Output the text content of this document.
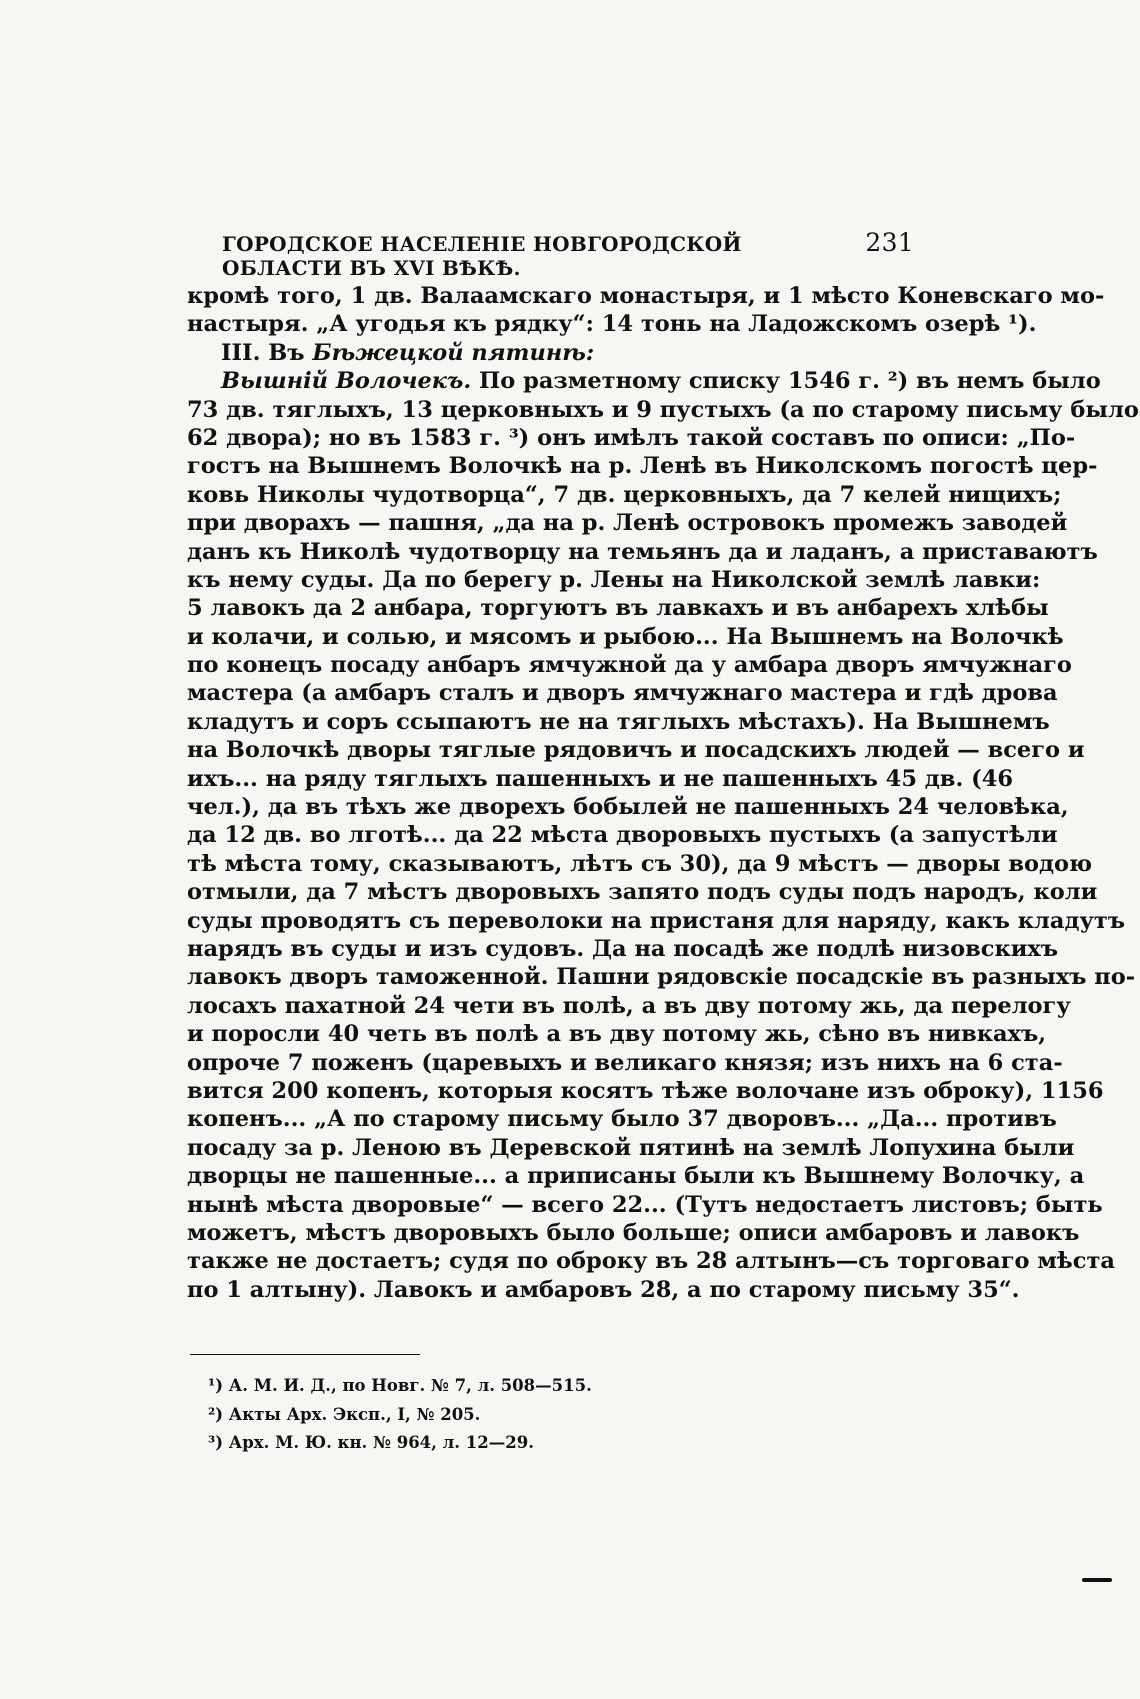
ГОРОДСКОЕ НАСЕЛЕНІЕ НОВГОРОДСКОЙ ОБЛАСТИ ВЪ XVI ВѢКѢ.
231
кромѣ того, 1 дв. Валаамскаго монастыря, и 1 мѣсто Коневскаго мо-
настыря. „А угодья къ рядку“: 14 тонь на Ладожскомъ озерѣ ¹).
III. Въ Бѣжецкой пятинѣ:
Вышній Волочекъ. По разметному списку 1546 г. ²) въ немъ было
73 дв. тяглыхъ, 13 церковныхъ и 9 пустыхъ (а по старому письму было
62 двора); но въ 1583 г. ³) онъ имѣлъ такой составъ по описи: „По-
гостъ на Вышнемъ Волочкѣ на р. Ленѣ въ Николскомъ погостѣ цер-
ковь Николы чудотворца“, 7 дв. церковныхъ, да 7 келей нищихъ;
при дворахъ — пашня, „да на р. Ленѣ островокъ промежъ заводей
данъ къ Николѣ чудотворцу на темьянъ да и ладанъ, а приставаютъ
къ нему суды. Да по берегу р. Лены на Николской землѣ лавки:
5 лавокъ да 2 анбара, торгуютъ въ лавкахъ и въ анбарехъ хлѣбы
и колачи, и солью, и мясомъ и рыбою... На Вышнемъ на Волочкѣ
по конецъ посаду анбаръ ямчужной да у амбара дворъ ямчужнаго
мастера (а амбаръ сталъ и дворъ ямчужнаго мастера и гдѣ дрова
кладутъ и соръ ссыпаютъ не на тяглыхъ мѣстахъ). На Вышнемъ
на Волочкѣ дворы тяглые рядовичъ и посадскихъ людей — всего и
ихъ... на ряду тяглыхъ пашенныхъ и не пашенныхъ 45 дв. (46
чел.), да въ тѣхъ же дворехъ бобылей не пашенныхъ 24 человѣка,
да 12 дв. во лготѣ... да 22 мѣста дворовыхъ пустыхъ (а запустѣли
тѣ мѣста тому, сказываютъ, лѣтъ съ 30), да 9 мѣстъ — дворы водою
отмыли, да 7 мѣстъ дворовыхъ запято подъ суды подъ народъ, коли
суды проводятъ съ переволоки на пристаня для наряду, какъ кладутъ
нарядъ въ суды и изъ судовъ. Да на посадѣ же подлѣ низовскихъ
лавокъ дворъ таможенной. Пашни рядовскіе посадскіе въ разныхъ по-
лосахъ пахатной 24 чети въ полѣ, а въ дву потому жь, да перелогу
и поросли 40 четь въ полѣ а въ дву потому жь, сѣно въ нивкахъ,
опроче 7 поженъ (царевыхъ и великаго князя; изъ нихъ на 6 ста-
вится 200 копенъ, которыя косятъ тѣже волочане изъ оброку), 1156
копенъ... „А по старому письму было 37 дворовъ... „Да... противъ
посаду за р. Леною въ Деревской пятинѣ на землѣ Лопухина были
дворцы не пашенные... а приписаны были къ Вышнему Волочку, а
нынѣ мѣста дворовые“ — всего 22... (Тутъ недостаетъ листовъ; быть
можетъ, мѣстъ дворовыхъ было больше; описи амбаровъ и лавокъ
также не достаетъ; судя по оброку въ 28 алтынъ—съ торговаго мѣста
по 1 алтыну). Лавокъ и амбаровъ 28, а по старому письму 35“.
¹) А. М. И. Д., по Новг. № 7, л. 508—515.
²) Акты Арх. Эксп., I, № 205.
³) Арх. М. Ю. кн. № 964, л. 12—29.
